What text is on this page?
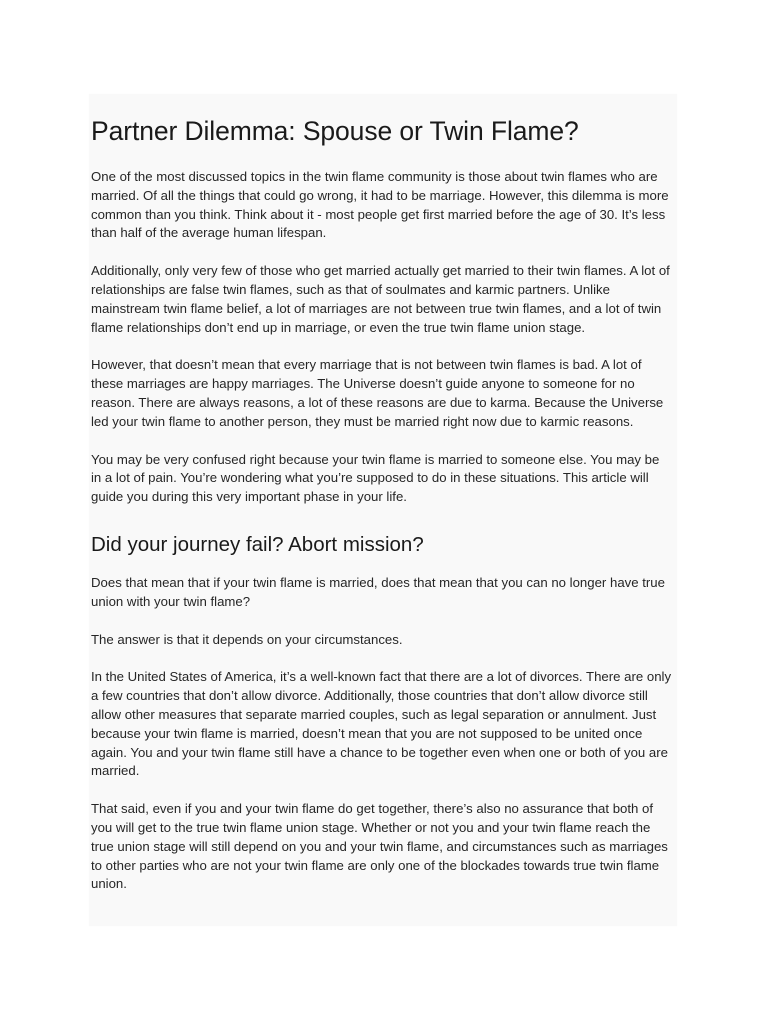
Partner Dilemma: Spouse or Twin Flame?

One of the most discussed topics in the twin flame community is those about twin flames who are married. Of all the things that could go wrong, it had to be marriage. However, this dilemma is more common than you think. Think about it - most people get first married before the age of 30. It’s less than half of the average human lifespan.

Additionally, only very few of those who get married actually get married to their twin flames. A lot of relationships are false twin flames, such as that of soulmates and karmic partners. Unlike mainstream twin flame belief, a lot of marriages are not between true twin flames, and a lot of twin flame relationships don’t end up in marriage, or even the true twin flame union stage.

However, that doesn’t mean that every marriage that is not between twin flames is bad. A lot of these marriages are happy marriages. The Universe doesn’t guide anyone to someone for no reason. There are always reasons, a lot of these reasons are due to karma. Because the Universe led your twin flame to another person, they must be married right now due to karmic reasons.

You may be very confused right because your twin flame is married to someone else. You may be in a lot of pain. You’re wondering what you’re supposed to do in these situations. This article will guide you during this very important phase in your life.

Did your journey fail? Abort mission?

Does that mean that if your twin flame is married, does that mean that you can no longer have true union with your twin flame?

The answer is that it depends on your circumstances.

In the United States of America, it’s a well-known fact that there are a lot of divorces. There are only a few countries that don’t allow divorce. Additionally, those countries that don’t allow divorce still allow other measures that separate married couples, such as legal separation or annulment. Just because your twin flame is married, doesn’t mean that you are not supposed to be united once again. You and your twin flame still have a chance to be together even when one or both of you are married.

That said, even if you and your twin flame do get together, there’s also no assurance that both of you will get to the true twin flame union stage. Whether or not you and your twin flame reach the true union stage will still depend on you and your twin flame, and circumstances such as marriages to other parties who are not your twin flame are only one of the blockades towards true twin flame union.
